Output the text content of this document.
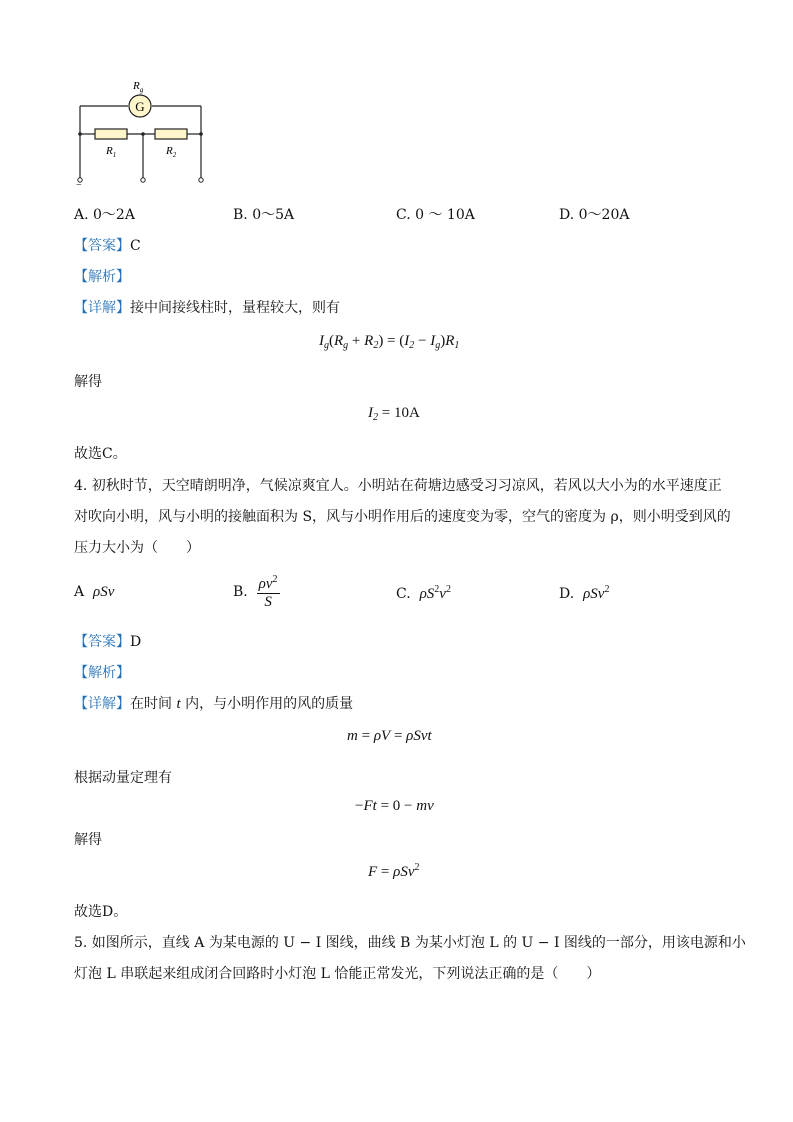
G
$R_g$
$R_1$	$R_2$
−
A. 0～2A	B. 0～5A	C. 0 ～ 10A	D. 0～20A
【答案】C
【解析】
【详解】接中间接线柱时，量程较大，则有
$I_g(R_g + R_2) = (I_2 - I_g)R_1$
解得
$I_2 = 10A$
故选C。
4. 初秋时节，天空晴朗明净，气候凉爽宜人。小明站在荷塘边感受习习凉风，若风以大小为的水平速度正
对吹向小明，风与小明的接触面积为 S，风与小明作用后的速度变为零，空气的密度为 ρ，则小明受到风的
压力大小为（　　）
A ρSv	B. $\frac{\rho v^2}{S}$	C. $\rho S^2v^2$	D. ρSv$^2$
【答案】D
【解析】
【详解】在时间 t 内，与小明作用的风的质量
m = ρV = ρSvt
根据动量定理有
−Ft = 0 − mv
解得
F = ρSv$^2$
故选D。
5. 如图所示，直线 A 为某电源的 U − I 图线，曲线 B 为某小灯泡 L 的 U − I 图线的一部分，用该电源和小
灯泡 L 串联起来组成闭合回路时小灯泡 L 恰能正常发光，下列说法正确的是（　　）
